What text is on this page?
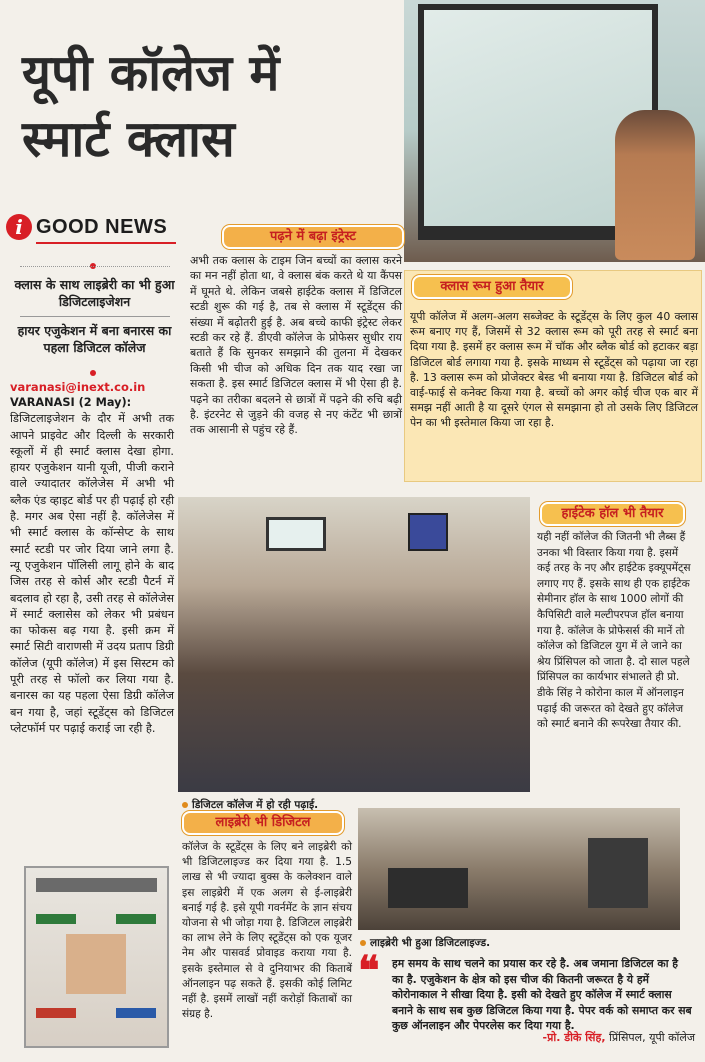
यूपी कॉलेज में
स्मार्ट क्लास
i GOOD NEWS
क्लास के साथ लाइब्रेरी का भी हुआ डिजिटलाइजेशन
हायर एजुकेशन में बना बनारस का पहला डिजिटल कॉलेज
varanasi@inext.co.in
VARANASI (2 May):
डिजिटलाइजेशन के दौर में अभी तक आपने प्राइवेट और दिल्ली के सरकारी स्कूलों में ही स्मार्ट क्लास देखा होगा. हायर एजुकेशन यानी यूजी, पीजी कराने वाले ज्यादातर कॉलेजेस में अभी भी ब्लैक एंड व्हाइट बोर्ड पर ही पढ़ाई हो रही है. मगर अब ऐसा नहीं है. कॉलेजेस में भी स्मार्ट क्लास के कॉन्सेप्ट के साथ स्मार्ट स्टडी पर जोर दिया जाने लगा है. न्यू एजुकेशन पॉलिसी लागू होने के बाद जिस तरह से कोर्स और स्टडी पैटर्न में बदलाव हो रहा है, उसी तरह से कॉलेजेस में स्मार्ट क्लासेस को लेकर भी प्रबंधन का फोकस बढ़ गया है. इसी क्रम में स्मार्ट सिटी वाराणसी में उदय प्रताप डिग्री कॉलेज (यूपी कॉलेज) में इस सिस्टम को पूरी तरह से फॉलो कर लिया गया है. बनारस का यह पहला ऐसा डिग्री कॉलेज बन गया है, जहां स्टूडेंट्स को डिजिटल प्लेटफॉर्म पर पढ़ाई कराई जा रही है.
पढ़ने में बढ़ा इंट्रेस्ट
अभी तक क्लास के टाइम जिन बच्चों का क्लास करने का मन नहीं होता था, वे क्लास बंक करते थे या कैंपस में घूमते थे. लेकिन जबसे हाईटेक क्लास में डिजिटल स्टडी शुरू की गई है, तब से क्लास में स्टूडेंट्स की संख्या में बढ़ोतरी हुई है. अब बच्चे काफी इंट्रेस्ट लेकर स्टडी कर रहे हैं. डीएवी कॉलेज के प्रोफेसर सुधीर राय बताते हैं कि सुनकर समझाने की तुलना में देखकर किसी भी चीज को अधिक दिन तक याद रखा जा सकता है. इस स्मार्ट डिजिटल क्लास में भी ऐसा ही है. पढ़ने का तरीका बदलने से छात्रों में पढ़ने की रुचि बढ़ी है. इंटरनेट से जुड़ने की वजह से नए कंटेंट भी छात्रों तक आसानी से पहुंच रहे हैं.
क्लास रूम हुआ तैयार
यूपी कॉलेज में अलग-अलग सब्जेक्ट के स्टूडेंट्स के लिए कुल 40 क्लास रूम बनाए गए हैं, जिसमें से 32 क्लास रूम को पूरी तरह से स्मार्ट बना दिया गया है. इसमें हर क्लास रूम में चॉक और ब्लैक बोर्ड को हटाकर बड़ा डिजिटल बोर्ड लगाया गया है. इसके माध्यम से स्टूडेंट्स को पढ़ाया जा रहा है. 13 क्लास रूम को प्रोजेक्टर बेस्ड भी बनाया गया है. डिजिटल बोर्ड को वाई-फाई से कनेक्ट किया गया है. बच्चों को अगर कोई चीज एक बार में समझ नहीं आती है या दूसरे एंगल से समझाना हो तो उसके लिए डिजिटल पेन का भी इस्तेमाल किया जा रहा है.
डिजिटल कॉलेज में हो रही पढ़ाई.
हाईटेक हॉल भी तैयार
यही नहीं कॉलेज की जितनी भी लैब्स हैं उनका भी विस्तार किया गया है. इसमें कई तरह के नए और हाईटेक इक्यूपमेंट्स लगाए गए हैं. इसके साथ ही एक हाईटेक सेमीनार हॉल के साथ 1000 लोगों की कैपिसिटी वाले मल्टीपरपज हॉल बनाया गया है. कॉलेज के प्रोफेसर्स की मानें तो कॉलेज को डिजिटल युग में ले जाने का श्रेय प्रिंसिपल को जाता है. दो साल पहले प्रिंसिपल का कार्यभार संभालते ही प्रो. डीके सिंह ने कोरोना काल में ऑनलाइन पढ़ाई की जरूरत को देखते हुए कॉलेज को स्मार्ट बनाने की रूपरेखा तैयार की.
लाइब्रेरी भी डिजिटल
कॉलेज के स्टूडेंट्स के लिए बने लाइब्रेरी को भी डिजिटलाइज्ड कर दिया गया है. 1.5 लाख से भी ज्यादा बुक्स के कलेक्शन वाले इस लाइब्रेरी में एक अलग से ई-लाइब्रेरी बनाई गई है. इसे यूपी गवर्नमेंट के ज्ञान संचय योजना से भी जोड़ा गया है. डिजिटल लाइब्रेरी का लाभ लेने के लिए स्टूडेंट्स को एक यूजर नेम और पासवर्ड प्रोवाइड कराया गया है. इसके इस्तेमाल से वे दुनियाभर की किताबें ऑनलाइन पढ़ सकते हैं. इसकी कोई लिमिट नहीं है. इसमें लाखों नहीं करोड़ों किताबों का संग्रह है.
लाइब्रेरी भी हुआ डिजिटलाइज्ड.
❝ हम समय के साथ चलने का प्रयास कर रहे है. अब जमाना डिजिटल का है का है. एजुकेशन के क्षेत्र को इस चीज की कितनी जरूरत है ये हमें कोरोनाकाल ने सीखा दिया है. इसी को देखते हुए कॉलेज में स्मार्ट क्लास बनाने के साथ सब कुछ डिजिटल किया गया है. पेपर वर्क को समाप्त कर सब कुछ ऑनलाइन और पेपरलेस कर दिया गया है.
-प्रो. डीके सिंह, प्रिंसिपल, यूपी कॉलेज
